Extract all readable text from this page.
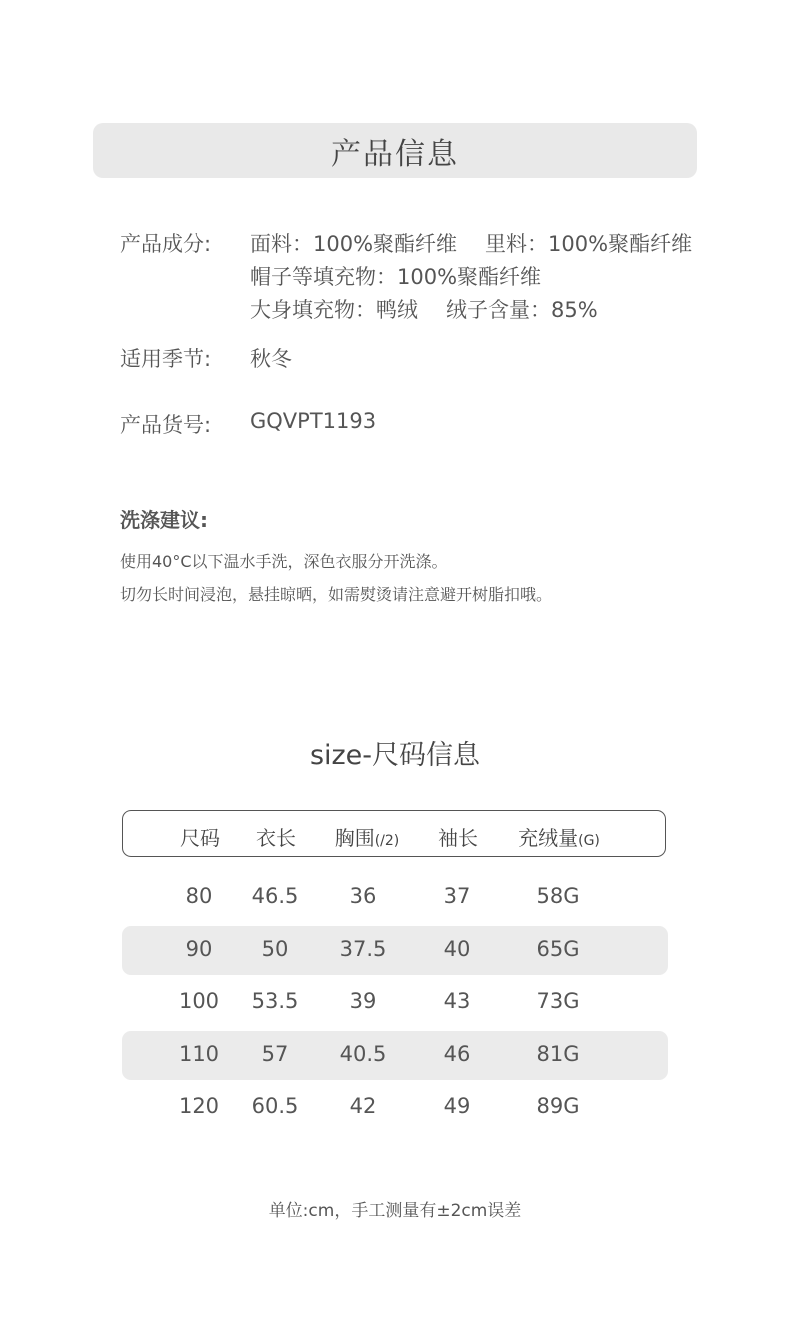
产品信息
产品成分:	面料：100%聚酯纤维 里料：100%聚酯纤维
帽子等填充物：100%聚酯纤维
大身填充物：鸭绒 绒子含量：85%
适用季节:	秋冬
产品货号:	GQVPT1193
洗涤建议:
使用40°C以下温水手洗，深色衣服分开洗涤。
切勿长时间浸泡，悬挂晾晒，如需熨烫请注意避开树脂扣哦。
size-尺码信息
尺码 衣长 胸围(/2) 袖长 充绒量(G)
80 46.5 36	37	58G
90 50 37.5	40	65G
100 53.5 39	43	73G
110 57 40.5	46	81G
120 60.5 42	49	89G
单位:cm，手工测量有±2cm误差
